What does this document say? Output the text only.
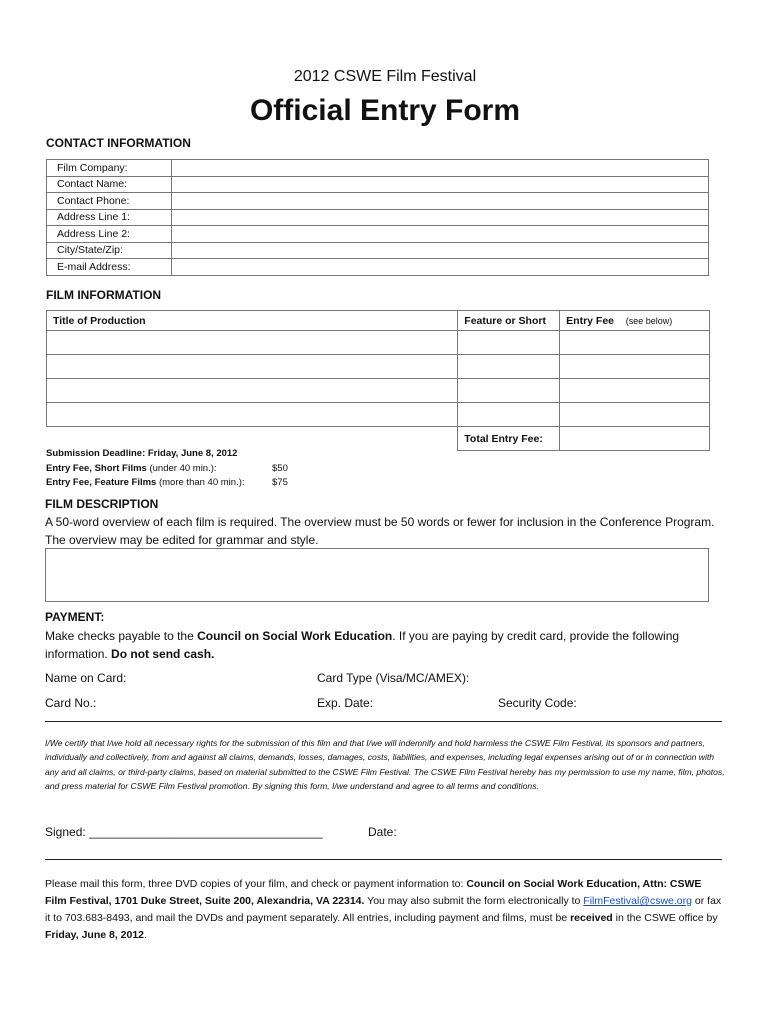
2012 CSWE Film Festival
Official Entry Form
CONTACT INFORMATION
Film Company:	
Contact Name:	
Contact Phone:	
Address Line 1:	
Address Line 2:	
City/State/Zip:	
E-mail Address:	
FILM INFORMATION
Title of Production	Feature or Short	Entry Fee (see below)

	Total Entry Fee:	
Submission Deadline: Friday, June 8, 2012
Entry Fee, Short Films (under 40 min.):	$50
Entry Fee, Feature Films (more than 40 min.):	$75
FILM DESCRIPTION
A 50-word overview of each film is required. The overview must be 50 words or fewer for inclusion in the Conference Program. The overview may be edited for grammar and style.
PAYMENT:
Make checks payable to the Council on Social Work Education. If you are paying by credit card, provide the following information. Do not send cash.
Name on Card:	Card Type (Visa/MC/AMEX):
Card No.:	Exp. Date:	Security Code:
I/We certify that I/we hold all necessary rights for the submission of this film and that I/we will indemnify and hold harmless the CSWE Film Festival, its sponsors and partners, individually and collectively, from and against all claims, demands, losses, damages, costs, liabilities, and expenses, including legal expenses arising out of or in connection with any and all claims, or third-party claims, based on material submitted to the CSWE Film Festival. The CSWE Film Festival hereby has my permission to use my name, film, photos, and press material for CSWE Film Festival promotion. By signing this form, I/we understand and agree to all terms and conditions.
Signed: ___________________________________	Date:
Please mail this form, three DVD copies of your film, and check or payment information to: Council on Social Work Education, Attn: CSWE Film Festival, 1701 Duke Street, Suite 200, Alexandria, VA 22314. You may also submit the form electronically to FilmFestival@cswe.org or fax it to 703.683-8493, and mail the DVDs and payment separately. All entries, including payment and films, must be received in the CSWE office by Friday, June 8, 2012.
